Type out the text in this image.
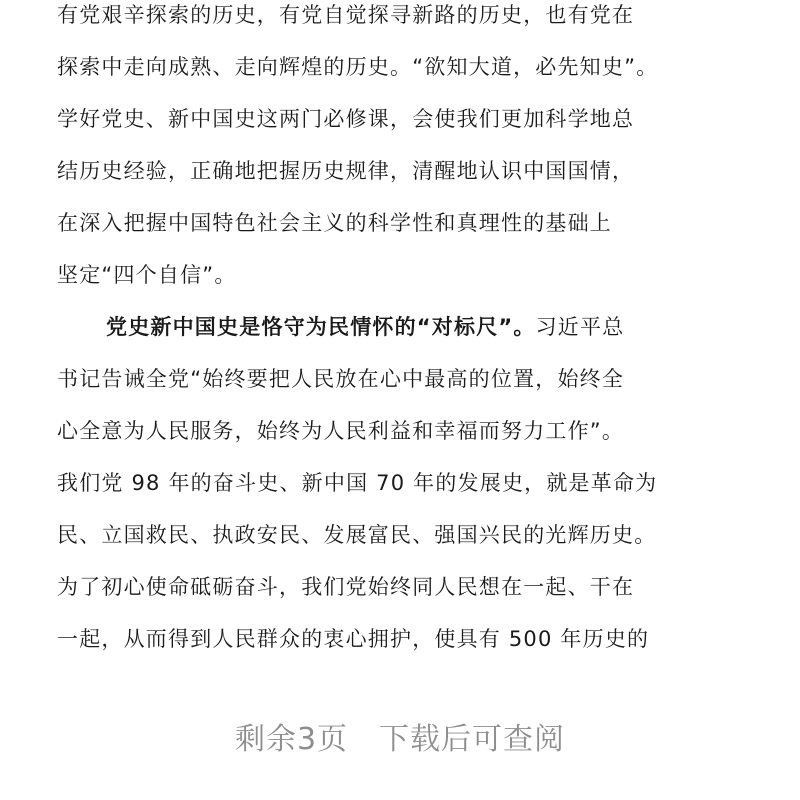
有党艰辛探索的历史，有党自觉探寻新路的历史，也有党在
探索中走向成熟、走向辉煌的历史。“欲知大道，必先知史”。
学好党史、新中国史这两门必修课，会使我们更加科学地总
结历史经验，正确地把握历史规律，清醒地认识中国国情，
在深入把握中国特色社会主义的科学性和真理性的基础上
坚定“四个自信”。
党史新中国史是恪守为民情怀的“对标尺”。习近平总
书记告诫全党“始终要把人民放在心中最高的位置，始终全
心全意为人民服务，始终为人民利益和幸福而努力工作”。
我们党 98 年的奋斗史、新中国 70 年的发展史，就是革命为
民、立国救民、执政安民、发展富民、强国兴民的光辉历史。
为了初心使命砥砺奋斗，我们党始终同人民想在一起、干在
一起，从而得到人民群众的衷心拥护，使具有 500 年历史的
剩余3页　下载后可查阅
